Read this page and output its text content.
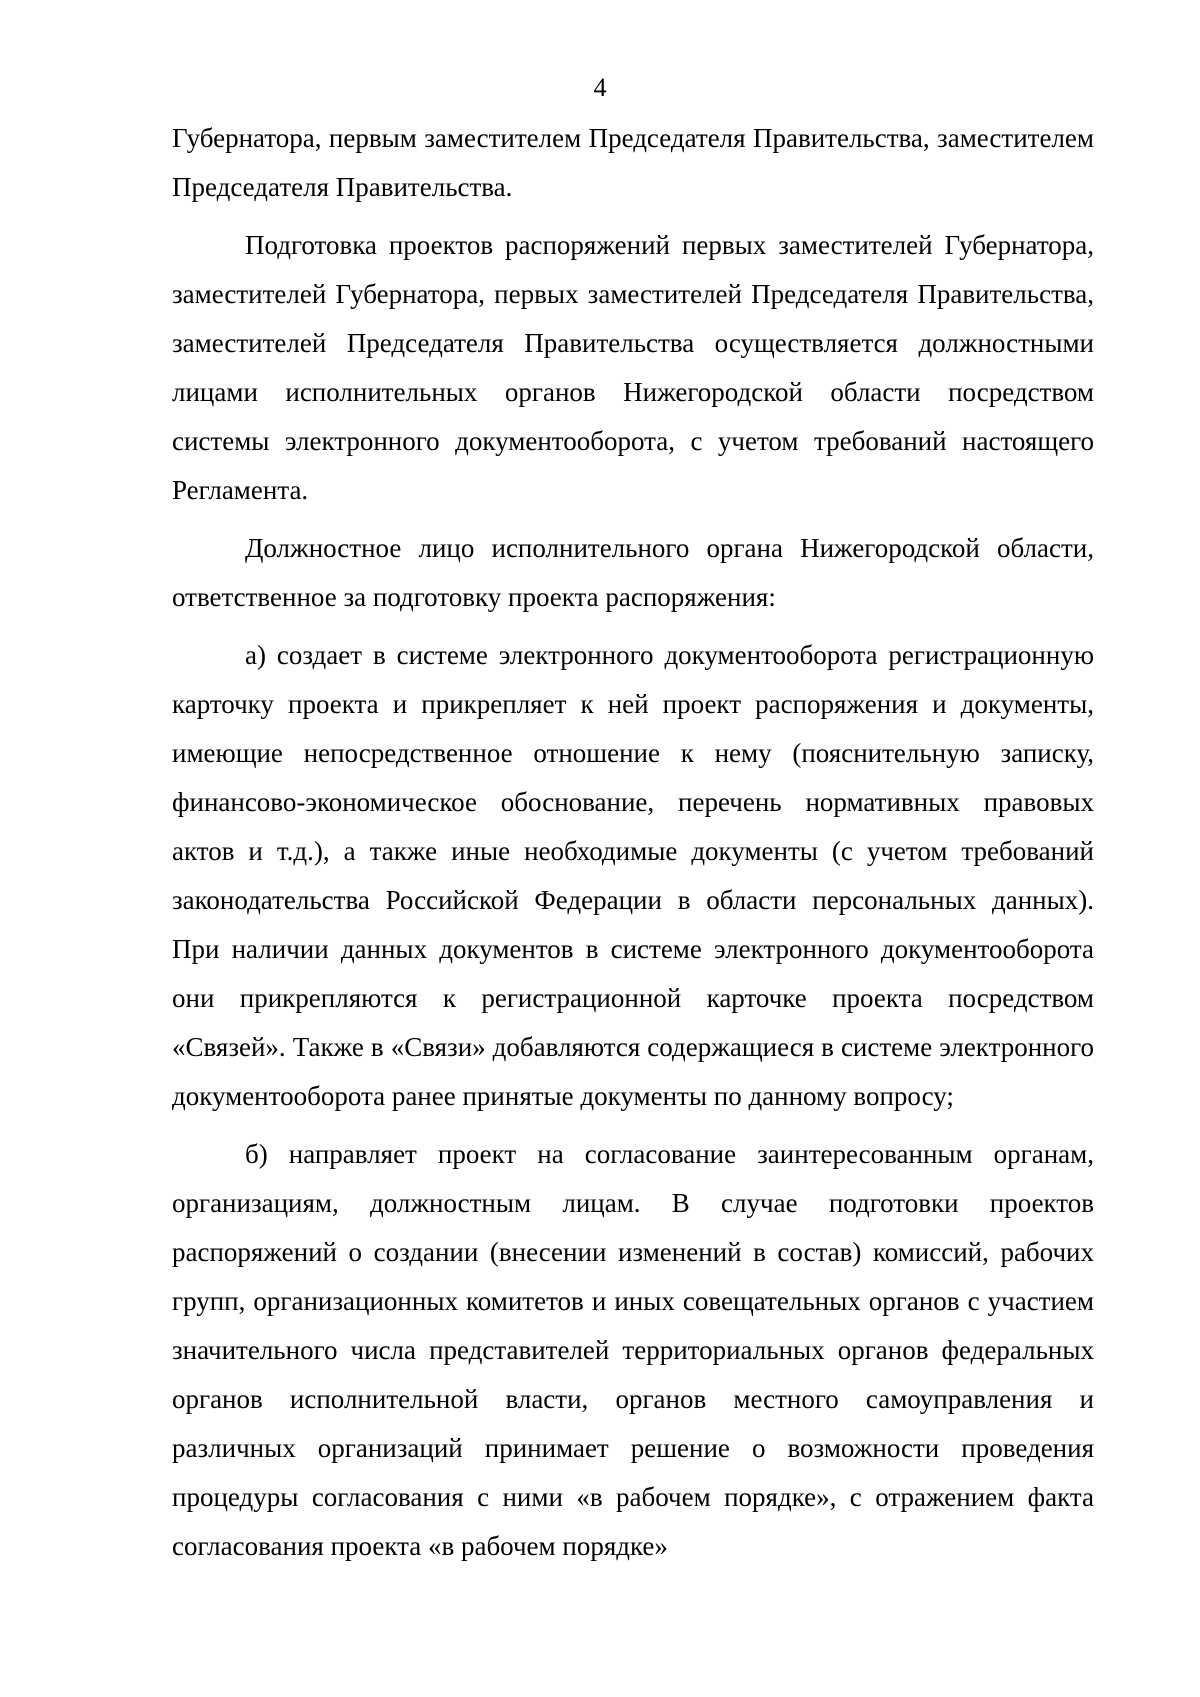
4

Губернатора, первым заместителем Председателя Правительства, заместителем Председателя Правительства.

Подготовка проектов распоряжений первых заместителей Губернатора, заместителей Губернатора, первых заместителей Председателя Правительства, заместителей Председателя Правительства осуществляется должностными лицами исполнительных органов Нижегородской области посредством системы электронного документооборота, с учетом требований настоящего Регламента.

Должностное лицо исполнительного органа Нижегородской области, ответственное за подготовку проекта распоряжения:

а) создает в системе электронного документооборота регистрационную карточку проекта и прикрепляет к ней проект распоряжения и документы, имеющие непосредственное отношение к нему (пояснительную записку, финансово-экономическое обоснование, перечень нормативных правовых актов и т.д.), а также иные необходимые документы (с учетом требований законодательства Российской Федерации в области персональных данных). При наличии данных документов в системе электронного документооборота они прикрепляются к регистрационной карточке проекта посредством «Связей». Также в «Связи» добавляются содержащиеся в системе электронного документооборота ранее принятые документы по данному вопросу;

б) направляет проект на согласование заинтересованным органам, организациям, должностным лицам. В случае подготовки проектов распоряжений о создании (внесении изменений в состав) комиссий, рабочих групп, организационных комитетов и иных совещательных органов с участием значительного числа представителей территориальных органов федеральных органов исполнительной власти, органов местного самоуправления и различных организаций принимает решение о возможности проведения процедуры согласования с ними «в рабочем порядке», с отражением факта согласования проекта «в рабочем порядке»
